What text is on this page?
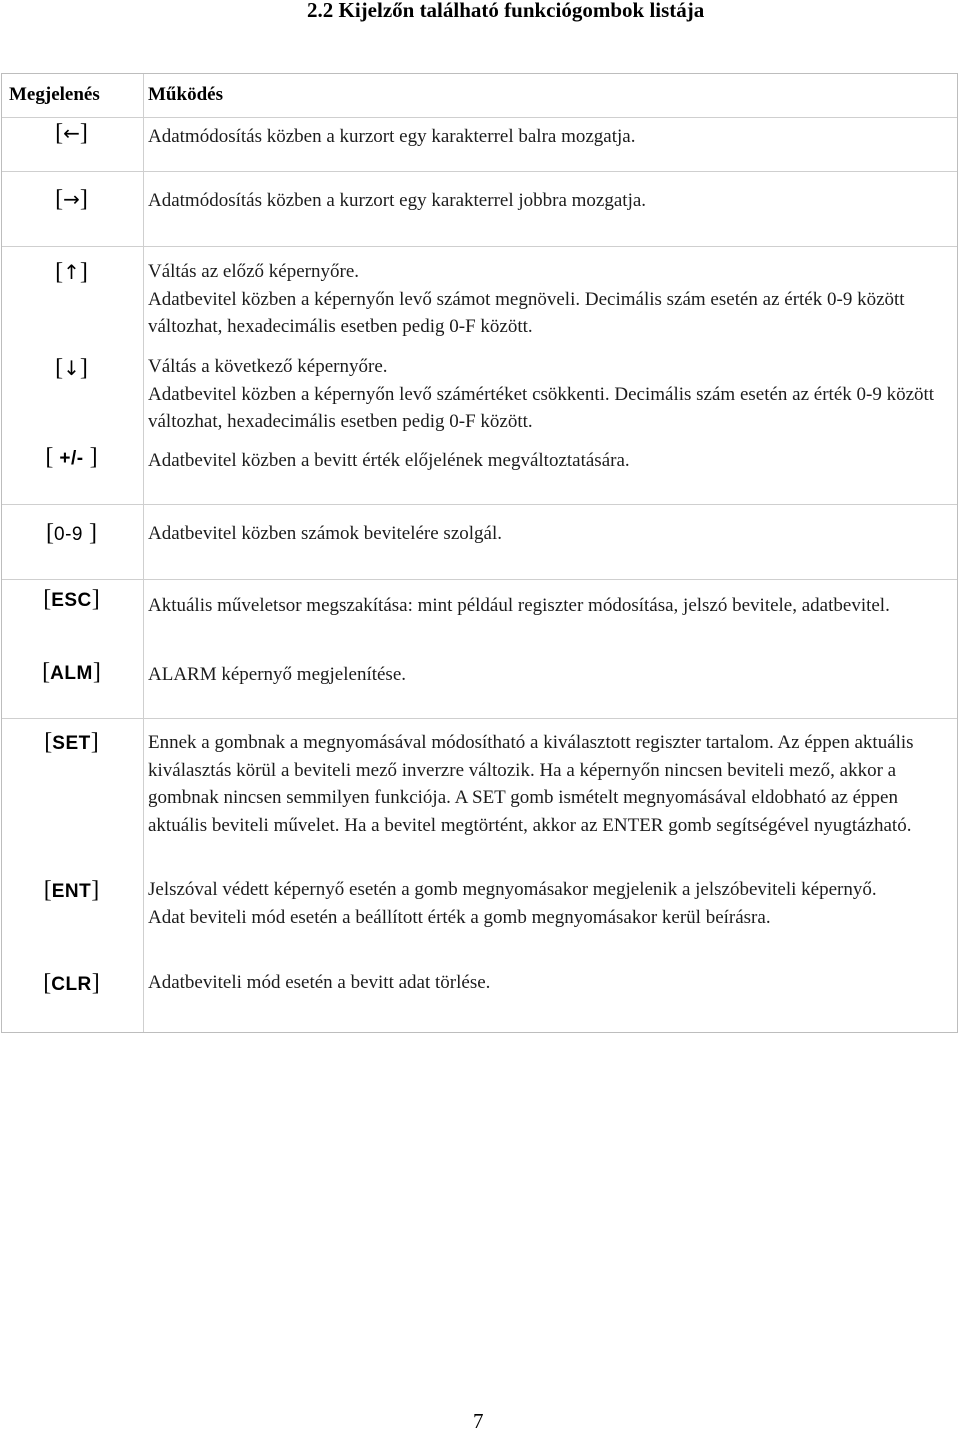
2.2 Kijelzőn található funkciógombok listája
Megjelenés	Működés
[←]	Adatmódosítás közben a kurzort egy karakterrel balra mozgatja.
[→]	Adatmódosítás közben a kurzort egy karakterrel jobbra mozgatja.
[↑]	Váltás az előző képernyőre.
Adatbevitel közben a képernyőn levő számot megnöveli. Decimális szám esetén az érték 0-9 között változhat, hexadecimális esetben pedig 0-F között.
[↓]	Váltás a következő képernyőre.
Adatbevitel közben a képernyőn levő számértéket csökkenti. Decimális szám esetén az érték 0-9 között változhat, hexadecimális esetben pedig 0-F között.
[ +/- ]	Adatbevitel közben a bevitt érték előjelének megváltoztatására.
[0-9 ]	Adatbevitel közben számok bevitelére szolgál.
[ESC]	Aktuális műveletsor megszakítása: mint például regiszter módosítása, jelszó bevitele, adatbevitel.
[ALM]	ALARM képernyő megjelenítése.
[SET]	Ennek a gombnak a megnyomásával módosítható a kiválasztott regiszter tartalom. Az éppen aktuális kiválasztás körül a beviteli mező inverzre változik. Ha a képernyőn nincsen beviteli mező, akkor a gombnak nincsen semmilyen funkciója. A SET gomb ismételt megnyomásával eldobható az éppen aktuális beviteli művelet. Ha a bevitel megtörtént, akkor az ENTER gomb segítségével nyugtázható.
[ENT]	Jelszóval védett képernyő esetén a gomb megnyomásakor megjelenik a jelszóbeviteli képernyő.
Adat beviteli mód esetén a beállított érték a gomb megnyomásakor kerül beírásra.
[CLR]	Adatbeviteli mód esetén a bevitt adat törlése.
7
